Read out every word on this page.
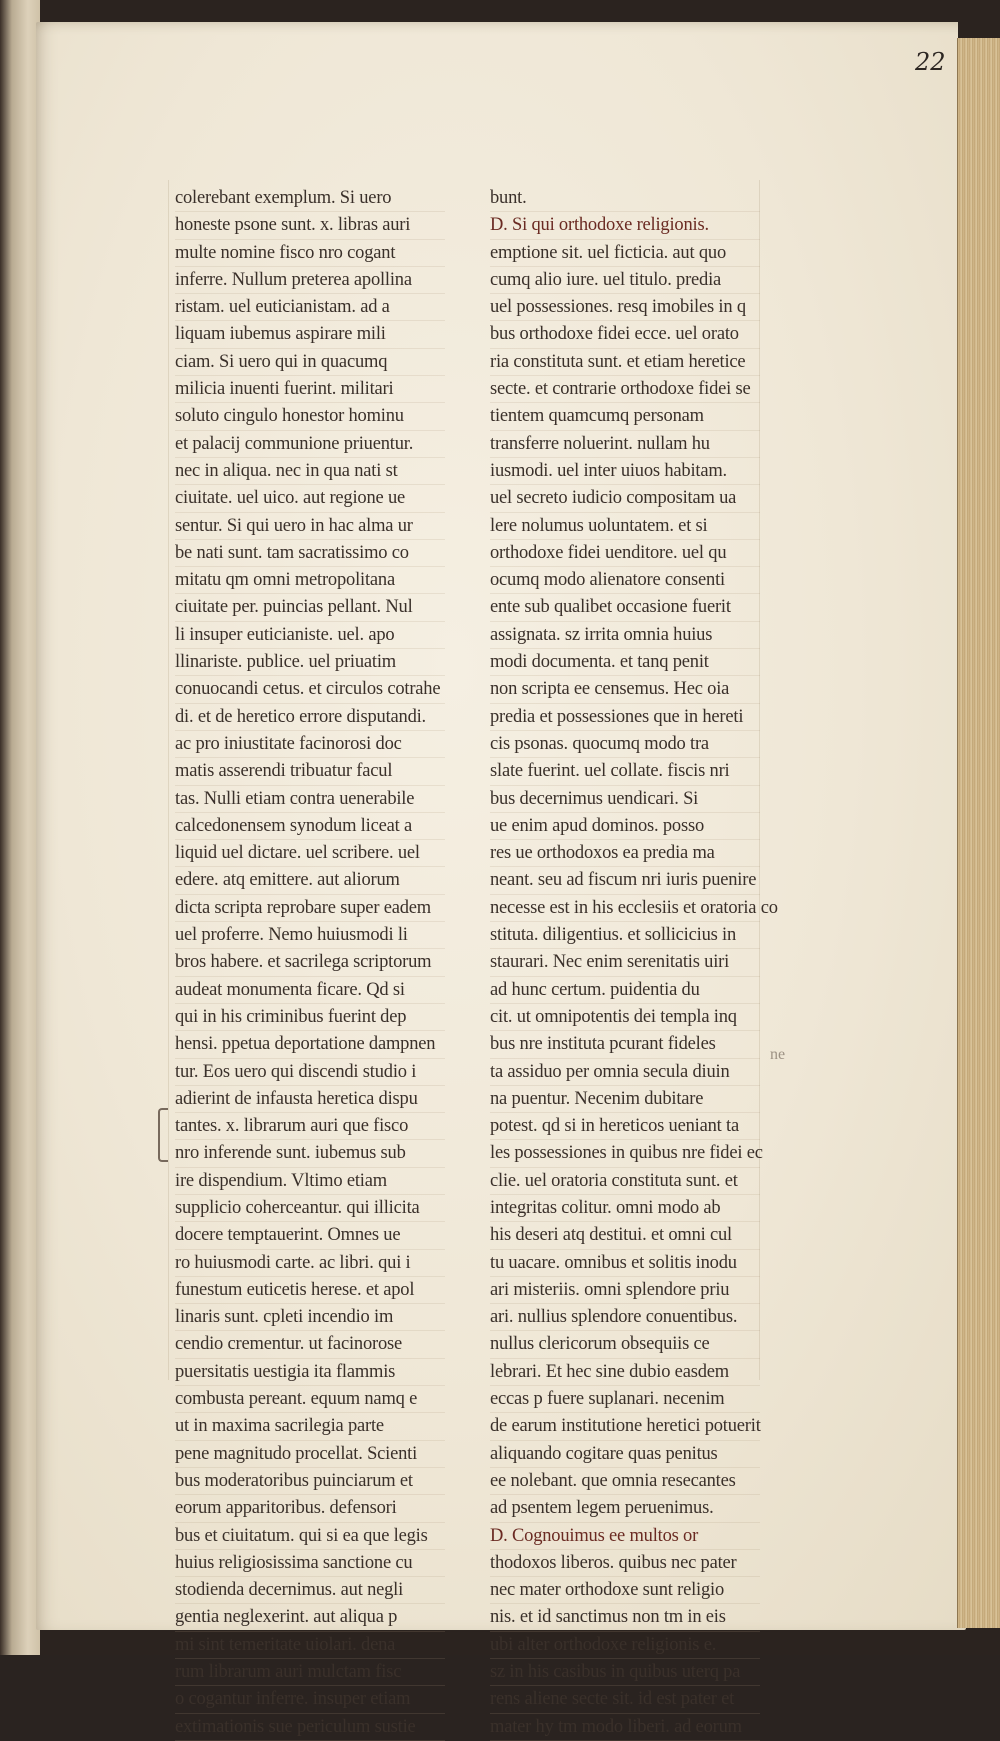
22
colerebant exemplum. Si uero
honeste psone sunt. x. libras auri
multe nomine fisco nro cogant
inferre. Nullum preterea apollina
ristam. uel euticianistam. ad a
liquam iubemus aspirare mili
ciam. Si uero qui in quacumq
milicia inuenti fuerint. militari
soluto cingulo honestor hominu
et palacij communione priuentur.
nec in aliqua. nec in qua nati st
ciuitate. uel uico. aut regione ue
sentur. Si qui uero in hac alma ur
be nati sunt. tam sacratissimo co
mitatu qm omni metropolitana
ciuitate per. puincias pellant. Nul
li insuper euticianiste. uel. apo
llinariste. publice. uel priuatim
conuocandi cetus. et circulos cotrahe
di. et de heretico errore disputandi.
ac pro iniustitate facinorosi doc
matis asserendi tribuatur facul
tas. Nulli etiam contra uenerabile
calcedonensem synodum liceat a
liquid uel dictare. uel scribere. uel
edere. atq emittere. aut aliorum
dicta scripta reprobare super eadem
uel proferre. Nemo huiusmodi li
bros habere. et sacrilega scriptorum
audeat monumenta ficare. Qd si
qui in his criminibus fuerint dep
hensi. ppetua deportatione dampnen
tur. Eos uero qui discendi studio i
adierint de infausta heretica dispu
tantes. x. librarum auri que fisco
nro inferende sunt. iubemus sub
ire dispendium. Vltimo etiam
supplicio coherceantur. qui illicita
docere temptauerint. Omnes ue
ro huiusmodi carte. ac libri. qui i
funestum euticetis herese. et apol
linaris sunt. cpleti incendio im
cendio crementur. ut facinorose
puersitatis uestigia ita flammis
combusta pereant. equum namq e
ut in maxima sacrilegia parte
pene magnitudo procellat. Scienti
bus moderatoribus puinciarum et
eorum apparitoribus. defensori
bus et ciuitatum. qui si ea que legis
huius religiosissima sanctione cu
stodienda decernimus. aut negli
gentia neglexerint. aut aliqua p
mi sint temeritate uiolari. dena
rum librarum auri mulctam fisc
o cogantur inferre. insuper etiam
extimationis sue periculum sustie
bunt.
D. Si qui orthodoxe religionis.
emptione sit. uel ficticia. aut quo
cumq alio iure. uel titulo. predia
uel possessiones. resq imobiles in q
bus orthodoxe fidei ecce. uel orato
ria constituta sunt. et etiam heretice
secte. et contrarie orthodoxe fidei se
tientem quamcumq personam
transferre noluerint. nullam hu
iusmodi. uel inter uiuos habitam.
uel secreto iudicio compositam ua
lere nolumus uoluntatem. et si
orthodoxe fidei uenditore. uel qu
ocumq modo alienatore consenti
ente sub qualibet occasione fuerit
assignata. sz irrita omnia huius
modi documenta. et tanq penit
non scripta ee censemus. Hec oia
predia et possessiones que in hereti
cis psonas. quocumq modo tra
slate fuerint. uel collate. fiscis nri
bus decernimus uendicari. Si
ue enim apud dominos. posso
res ue orthodoxos ea predia ma
neant. seu ad fiscum nri iuris puenire
necesse est in his ecclesiis et oratoria co
stituta. diligentius. et sollicicius in
staurari. Nec enim serenitatis uiri
ad hunc certum. puidentia du
cit. ut omnipotentis dei templa inq
bus nre instituta pcurant fideles
ta assiduo per omnia secula diuin
na puentur. Necenim dubitare
potest. qd si in hereticos ueniant ta
les possessiones in quibus nre fidei ec
clie. uel oratoria constituta sunt. et
integritas colitur. omni modo ab
his deseri atq destitui. et omni cul
tu uacare. omnibus et solitis inodu
ari misteriis. omni splendore priu
ari. nullius splendore conuentibus.
nullus clericorum obsequiis ce
lebrari. Et hec sine dubio easdem
eccas p fuere suplanari. necenim
de earum institutione heretici potuerit
aliquando cogitare quas penitus
ee nolebant. que omnia resecantes
ad psentem legem peruenimus.
D. Cognouimus ee multos or
thodoxos liberos. quibus nec pater
nec mater orthodoxe sunt religio
nis. et id sanctimus non tm in eis
ubi alter orthodoxe religionis e.
sz in his casibus in quibus uterq pa
rens aliene secte sit. id est pater et
mater hy tm modo liberi. ad eorum
ne
